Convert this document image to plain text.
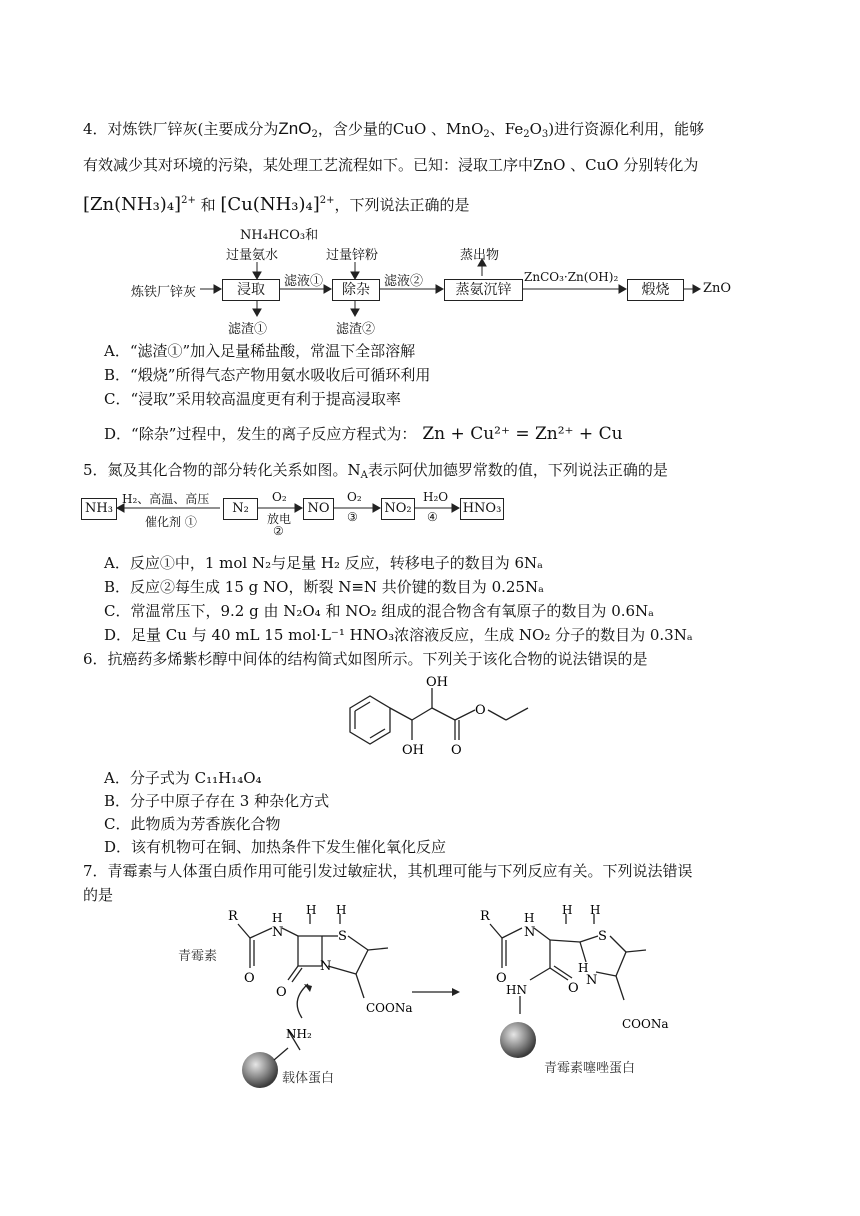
4．对炼铁厂锌灰(主要成分为ZnO$_2$，含少量的CuO 、MnO$_2$、$Fe_2O_3$)进行资源化利用，能够
有效减少其对环境的污染，某处理工艺流程如下。已知：浸取工序中ZnO 、CuO 分别转化为
$[Zn(NH_3)_4]^{2+}$ 和 $[Cu(NH_3)_4]^{2+}$，下列说法正确的是
NH₄HCO₃和
过量氨水	过量锌粉	蒸出物
炼铁厂锌灰	浸取
滤液①
除杂
滤液②
蒸氨沉锌
ZnCO₃·Zn(OH)₂
煅烧	ZnO
滤渣①	滤渣②
A．“滤渣①”加入足量稀盐酸，常温下全部溶解
B．“煅烧”所得气态产物用氨水吸收后可循环利用
C．“浸取”采用较高温度更有利于提高浸取率
D．“除杂”过程中，发生的离子反应方程式为： Zn + Cu²⁺ = Zn²⁺ + Cu
5．氮及其化合物的部分转化关系如图。$N_A$表示阿伏加德罗常数的值，下列说法正确的是
NH₃
H₂、高温、高压
催化剂 ①
N₂
O₂
放电
②
NO
O₂
③
NO₂
H₂O
④
HNO₃
A．反应①中，1 mol N₂与足量 H₂ 反应，转移电子的数目为 6Nₐ
B．反应②每生成 15 g NO，断裂 N≡N 共价键的数目为 0.25Nₐ
C．常温常压下，9.2 g 由 N₂O₄ 和 NO₂ 组成的混合物含有氧原子的数目为 0.6Nₐ
D．足量 Cu 与 40 mL 15 mol·L⁻¹ HNO₃浓溶液反应，生成 NO₂ 分子的数目为 0.3Nₐ
6．抗癌药多烯紫杉醇中间体的结构简式如图所示。下列关于该化合物的说法错误的是
OH
OH
O
O
A．分子式为 C₁₁H₁₄O₄
B．分子中原子存在 3 种杂化方式
C．此物质为芳香族化合物
D．该有机物可在铜、加热条件下发生催化氧化反应
7．青霉素与人体蛋白质作用可能引发过敏症状，其机理可能与下列反应有关。下列说法错误
的是
R	H
N
H H
S
N
O
O
COONa
NH₂
青霉素
载体蛋白
R	H
N
H H
S
H
N
O
O
HN
COONa
青霉素噻唑蛋白
